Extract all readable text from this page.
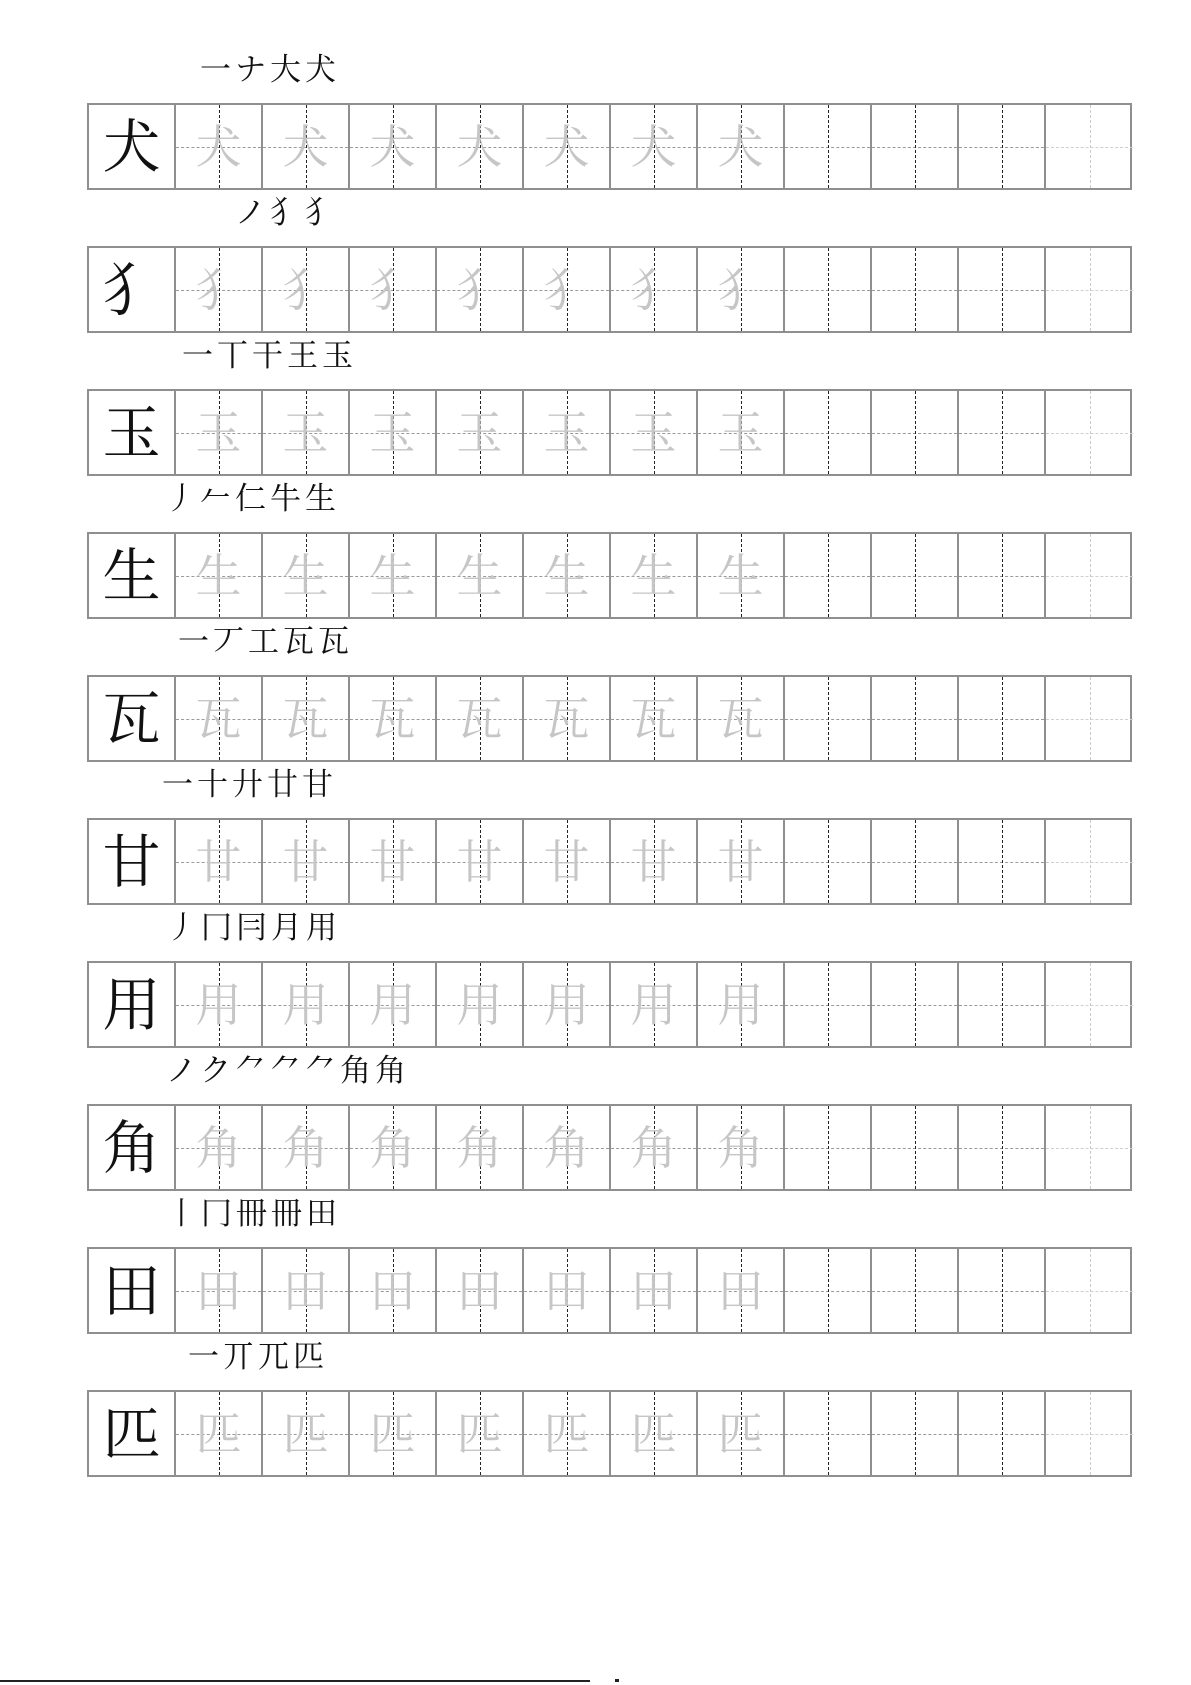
一ナ大犬
犬 犬 犬 犬 犬 犬 犬 犬
ノ犭犭
犭 犭 犭 犭 犭 犭 犭 犭
一丅干王玉
玉 玉 玉 玉 玉 玉 玉 玉
丿𠂉仁牛生
生 生 生 生 生 生 生 生
一丆工瓦瓦
瓦 瓦 瓦 瓦 瓦 瓦 瓦 瓦
一十廾廿甘
甘 甘 甘 甘 甘 甘 甘 甘
丿冂冃月用
用 用 用 用 用 用 用 用
ノク⺈⺈⺈角角
角 角 角 角 角 角 角 角
丨冂冊冊田
田 田 田 田 田 田 田 田
一丌兀匹
匹 匹 匹 匹 匹 匹 匹 匹
